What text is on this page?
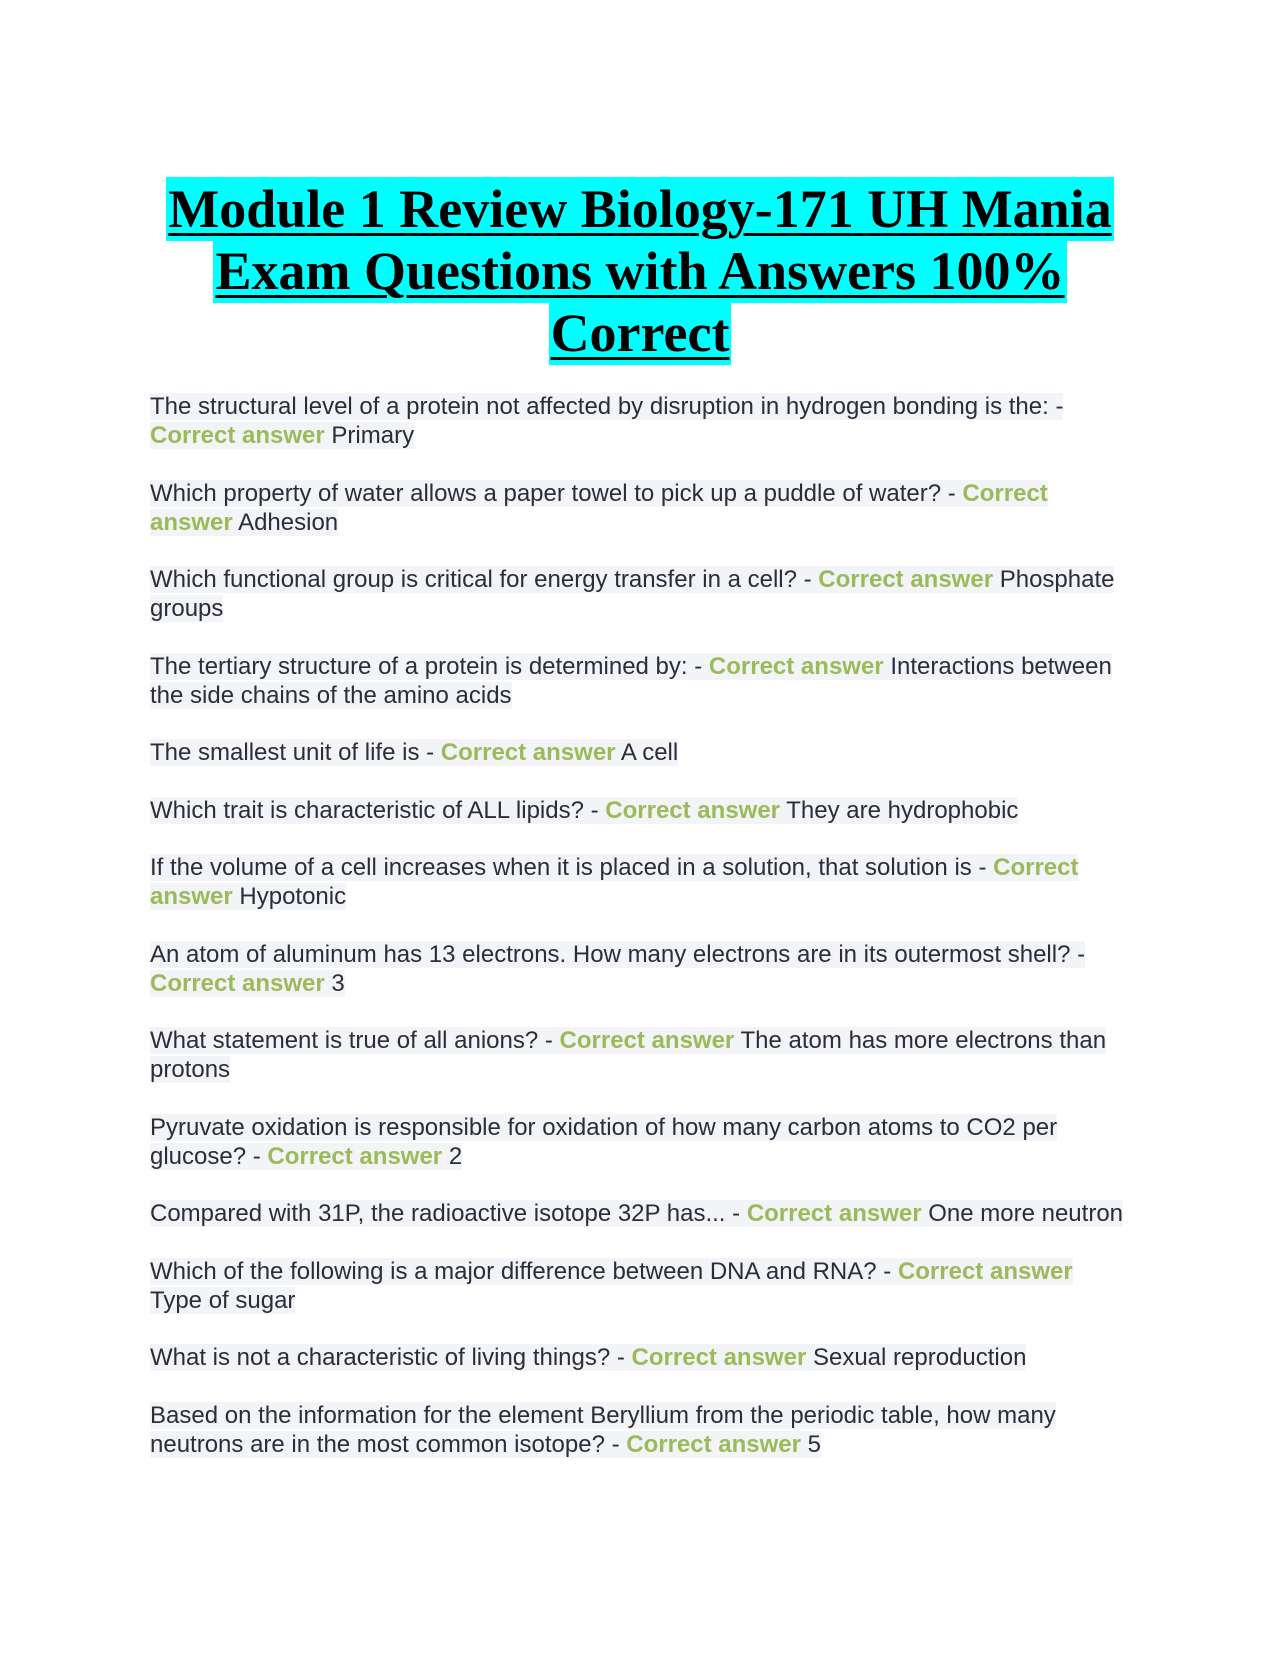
Module 1 Review Biology-171 UH Mania
Exam Questions with Answers 100%
Correct
The structural level of a protein not affected by disruption in hydrogen bonding is the: - Correct answer Primary
Which property of water allows a paper towel to pick up a puddle of water? - Correct answer Adhesion
Which functional group is critical for energy transfer in a cell? - Correct answer Phosphate groups
The tertiary structure of a protein is determined by: - Correct answer Interactions between the side chains of the amino acids
The smallest unit of life is - Correct answer A cell
Which trait is characteristic of ALL lipids? - Correct answer They are hydrophobic
If the volume of a cell increases when it is placed in a solution, that solution is - Correct answer Hypotonic
An atom of aluminum has 13 electrons. How many electrons are in its outermost shell? - Correct answer 3
What statement is true of all anions? - Correct answer The atom has more electrons than protons
Pyruvate oxidation is responsible for oxidation of how many carbon atoms to CO2 per glucose? - Correct answer 2
Compared with 31P, the radioactive isotope 32P has... - Correct answer One more neutron
Which of the following is a major difference between DNA and RNA? - Correct answer Type of sugar
What is not a characteristic of living things? - Correct answer Sexual reproduction
Based on the information for the element Beryllium from the periodic table, how many neutrons are in the most common isotope? - Correct answer 5
